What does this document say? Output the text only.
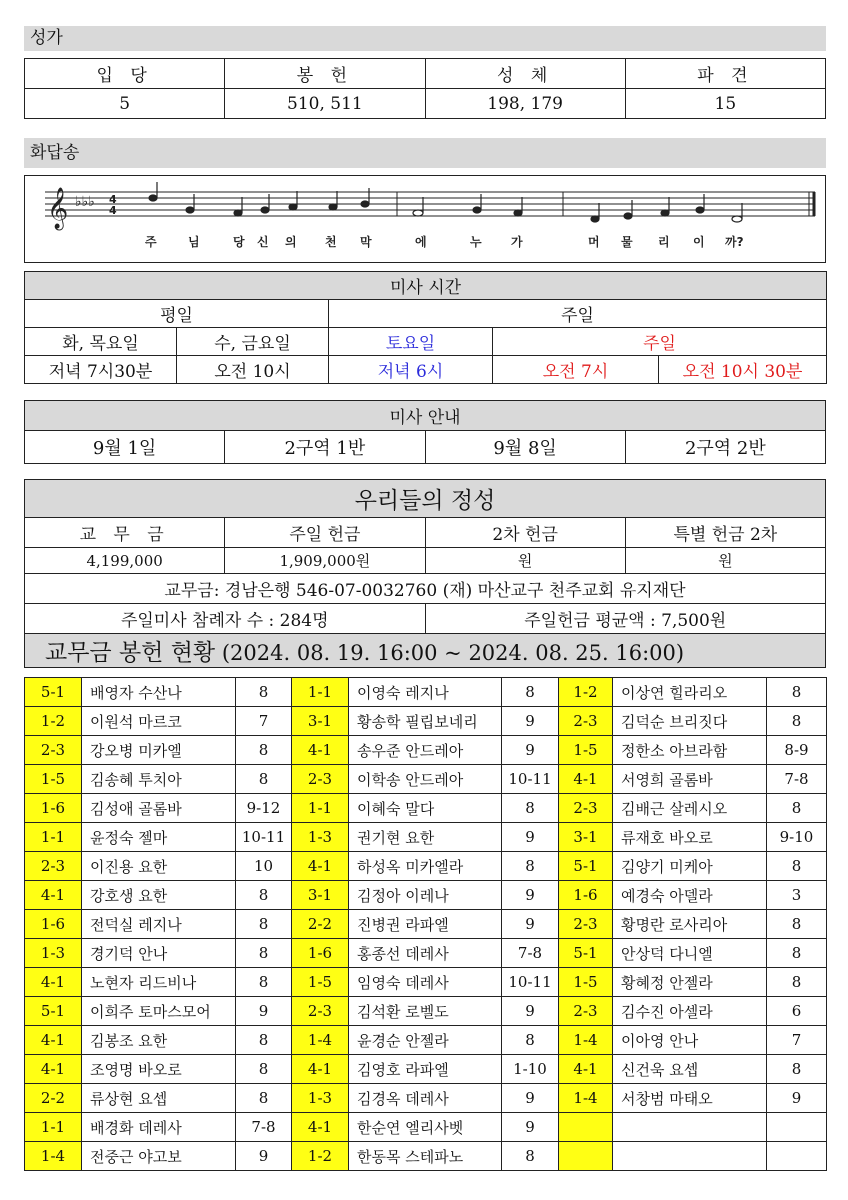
성가
입 당	봉 헌	성 체	파 견
5	510, 511	198, 179	15
화답송
𝄞 ♭♭♭ 4
4
주	님	당 신 의 천 막	에	누 가	머 물 리 이 까?
미사 시간				
평일		주일		
화, 목요일	수, 금요일	토요일	주일	
저녁 7시30분	오전 10시	저녁 6시	오전 7시	오전 10시 30분
미사 안내
9월 1일	2구역 1반	9월 8일	2구역 2반
우리들의 정성			
교 무 금	주일 헌금	2차 헌금	특별 헌금 2차
4,199,000	1,909,000원	원	원
교무금: 경남은행 546-07-0032760 (재) 마산교구 천주교회 유지재단			
주일미사 참례자 수 : 284명		주일헌금 평균액 : 7,500원	
교무금 봉헌 현황 (2024. 08. 19. 16:00 ~ 2024. 08. 25. 16:00)			
5-1	배영자 수산나	8	1-1	이영숙 레지나	8	1-2	이상연 힐라리오	8
1-2	이원석 마르코	7	3-1	황송학 필립보네리	9	2-3	김덕순 브리짓다	8
2-3	강오병 미카엘	8	4-1	송우준 안드레아	9	1-5	정한소 아브라함	8-9
1-5	김송혜 투치아	8	2-3	이학송 안드레아	10-11	4-1	서영희 골롬바	7-8
1-6	김성애 골롬바	9-12	1-1	이혜숙 말다	8	2-3	김배근 살레시오	8
1-1	윤정숙 젤마	10-11	1-3	권기현 요한	9	3-1	류재호 바오로	9-10
2-3	이진용 요한	10	4-1	하성옥 미카엘라	8	5-1	김양기 미케아	8
4-1	강호생 요한	8	3-1	김정아 이레나	9	1-6	예경숙 아델라	3
1-6	전덕실 레지나	8	2-2	진병권 라파엘	9	2-3	황명란 로사리아	8
1-3	경기덕 안나	8	1-6	홍종선 데레사	7-8	5-1	안상덕 다니엘	8
4-1	노현자 리드비나	8	1-5	임영숙 데레사	10-11	1-5	황혜정 안젤라	8
5-1	이희주 토마스모어	9	2-3	김석환 로벨도	9	2-3	김수진 아셀라	6
4-1	김봉조 요한	8	1-4	윤경순 안젤라	8	1-4	이아영 안나	7
4-1	조영명 바오로	8	4-1	김영호 라파엘	1-10	4-1	신건욱 요셉	8
2-2	류상현 요셉	8	1-3	김경옥 데레사	9	1-4	서창범 마태오	9
1-1	배경화 데레사	7-8	4-1	한순연 엘리사벳	9			
1-4	전중근 야고보	9	1-2	한동목 스테파노	8			
